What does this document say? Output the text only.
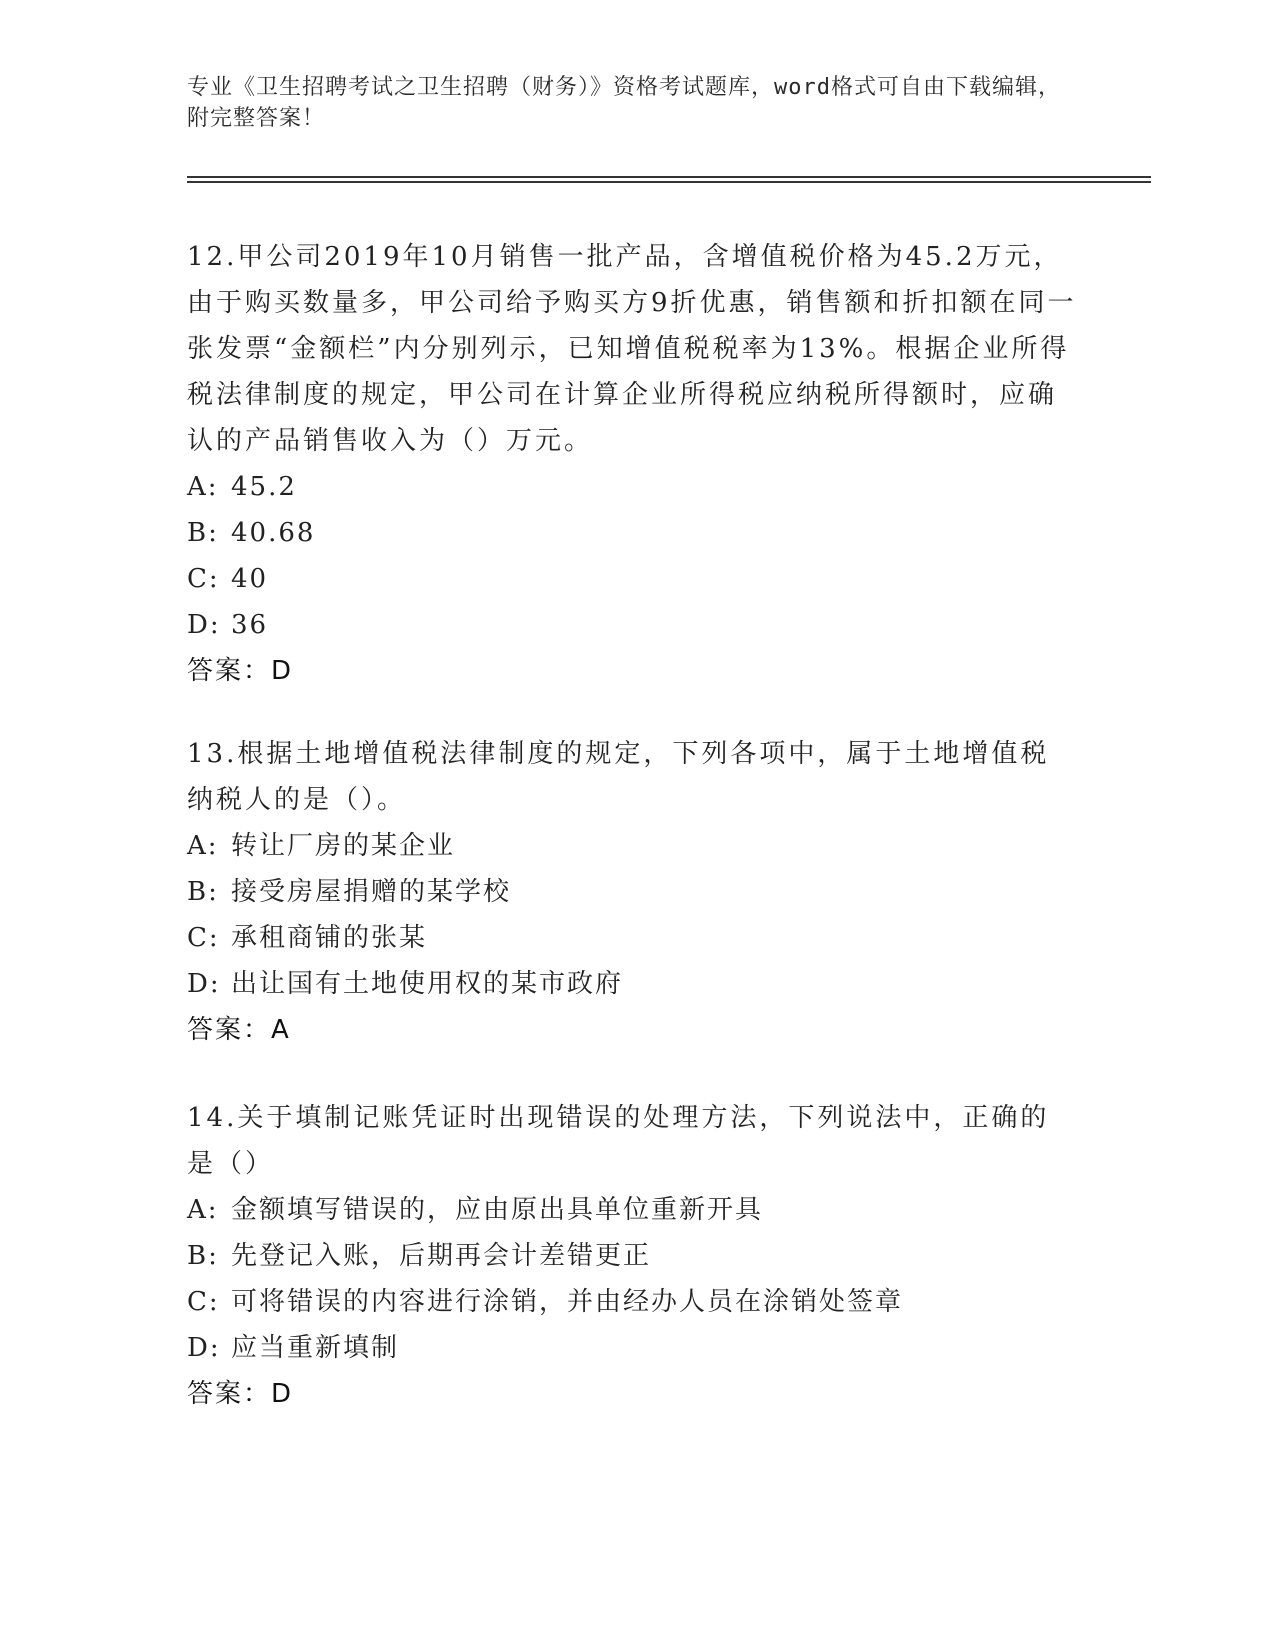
专业《卫生招聘考试之卫生招聘（财务）》资格考试题库，word格式可自由下载编辑，附完整答案！

12.甲公司2019年10月销售一批产品，含增值税价格为45.2万元，由于购买数量多，甲公司给予购买方9折优惠，销售额和折扣额在同一张发票“金额栏”内分别列示，已知增值税税率为13%。根据企业所得税法律制度的规定，甲公司在计算企业所得税应纳税所得额时，应确认的产品销售收入为（）万元。

A: 45.2

B: 40.68

C: 40

D: 36

答案：D

13.根据土地增值税法律制度的规定，下列各项中，属于土地增值税纳税人的是（）。

A: 转让厂房的某企业

B: 接受房屋捐赠的某学校

C: 承租商铺的张某

D: 出让国有土地使用权的某市政府

答案：A

14.关于填制记账凭证时出现错误的处理方法，下列说法中，正确的是（）

A: 金额填写错误的，应由原出具单位重新开具

B: 先登记入账，后期再会计差错更正

C: 可将错误的内容进行涂销，并由经办人员在涂销处签章

D: 应当重新填制

答案：D
